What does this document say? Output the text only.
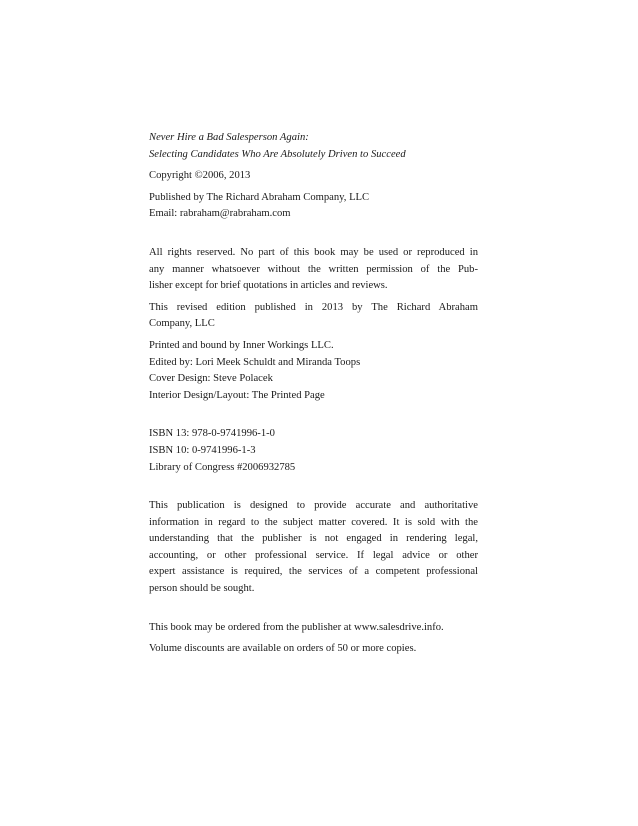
Never Hire a Bad Salesperson Again:
Selecting Candidates Who Are Absolutely Driven to Succeed
Copyright ©2006, 2013
Published by The Richard Abraham Company, LLC
Email: rabraham@rabraham.com
All rights reserved. No part of this book may be used or reproduced in
any manner whatsoever without the written permission of the Pub-
lisher except for brief quotations in articles and reviews.
This revised edition published in 2013 by The Richard Abraham
Company, LLC
Printed and bound by Inner Workings LLC.
Edited by: Lori Meek Schuldt and Miranda Toops
Cover Design: Steve Polacek
Interior Design/Layout: The Printed Page
ISBN 13: 978-0-9741996-1-0
ISBN 10: 0-9741996-1-3
Library of Congress #2006932785
This publication is designed to provide accurate and authoritative
information in regard to the subject matter covered. It is sold with the
understanding that the publisher is not engaged in rendering legal,
accounting, or other professional service. If legal advice or other
expert assistance is required, the services of a competent professional
person should be sought.
This book may be ordered from the publisher at www.salesdrive.info.
Volume discounts are available on orders of 50 or more copies.
